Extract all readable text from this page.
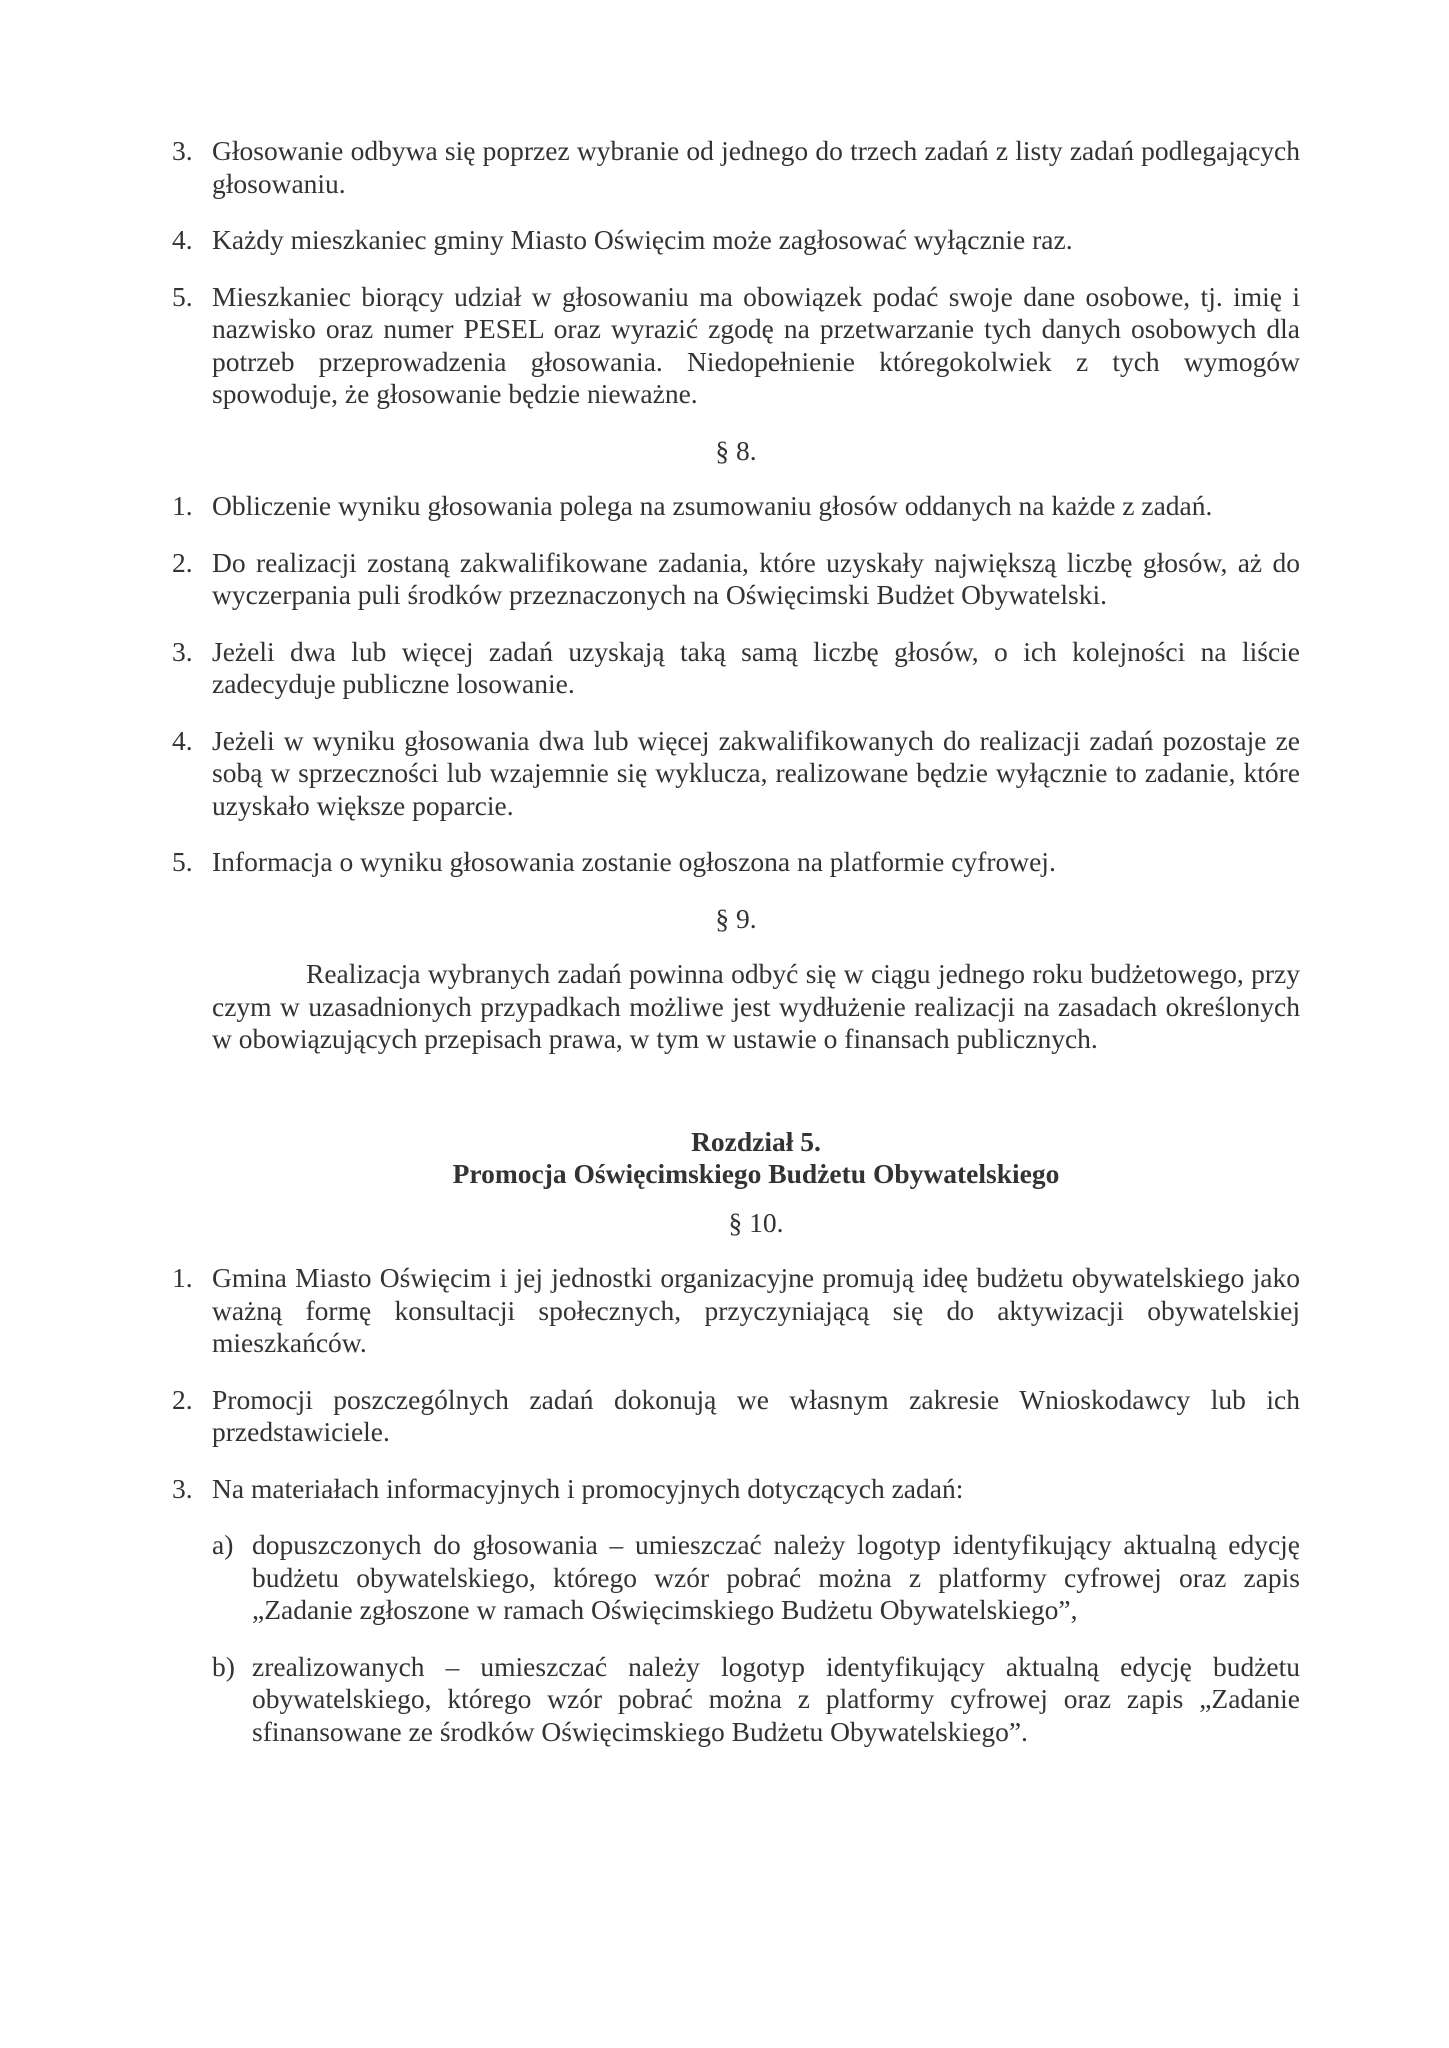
3. Głosowanie odbywa się poprzez wybranie od jednego do trzech zadań z listy zadań podlegających głosowaniu.
4. Każdy mieszkaniec gminy Miasto Oświęcim może zagłosować wyłącznie raz.
5. Mieszkaniec biorący udział w głosowaniu ma obowiązek podać swoje dane osobowe, tj. imię i nazwisko oraz numer PESEL oraz wyrazić zgodę na przetwarzanie tych danych osobowych dla potrzeb przeprowadzenia głosowania. Niedopełnienie któregokolwiek z tych wymogów spowoduje, że głosowanie będzie nieważne.
§ 8.
1. Obliczenie wyniku głosowania polega na zsumowaniu głosów oddanych na każde z zadań.
2. Do realizacji zostaną zakwalifikowane zadania, które uzyskały największą liczbę głosów, aż do wyczerpania puli środków przeznaczonych na Oświęcimski Budżet Obywatelski.
3. Jeżeli dwa lub więcej zadań uzyskają taką samą liczbę głosów, o ich kolejności na liście zadecyduje publiczne losowanie.
4. Jeżeli w wyniku głosowania dwa lub więcej zakwalifikowanych do realizacji zadań pozostaje ze sobą w sprzeczności lub wzajemnie się wyklucza, realizowane będzie wyłącznie to zadanie, które uzyskało większe poparcie.
5. Informacja o wyniku głosowania zostanie ogłoszona na platformie cyfrowej.
§ 9.
Realizacja wybranych zadań powinna odbyć się w ciągu jednego roku budżetowego, przy czym w uzasadnionych przypadkach możliwe jest wydłużenie realizacji na zasadach określonych w obowiązujących przepisach prawa, w tym w ustawie o finansach publicznych.
Rozdział 5.
Promocja Oświęcimskiego Budżetu Obywatelskiego
§ 10.
1. Gmina Miasto Oświęcim i jej jednostki organizacyjne promują ideę budżetu obywatelskiego jako ważną formę konsultacji społecznych, przyczyniającą się do aktywizacji obywatelskiej mieszkańców.
2. Promocji poszczególnych zadań dokonują we własnym zakresie Wnioskodawcy lub ich przedstawiciele.
3. Na materiałach informacyjnych i promocyjnych dotyczących zadań:
a) dopuszczonych do głosowania – umieszczać należy logotyp identyfikujący aktualną edycję budżetu obywatelskiego, którego wzór pobrać można z platformy cyfrowej oraz zapis „Zadanie zgłoszone w ramach Oświęcimskiego Budżetu Obywatelskiego”,
b) zrealizowanych – umieszczać należy logotyp identyfikujący aktualną edycję budżetu obywatelskiego, którego wzór pobrać można z platformy cyfrowej oraz zapis „Zadanie sfinansowane ze środków Oświęcimskiego Budżetu Obywatelskiego”.
